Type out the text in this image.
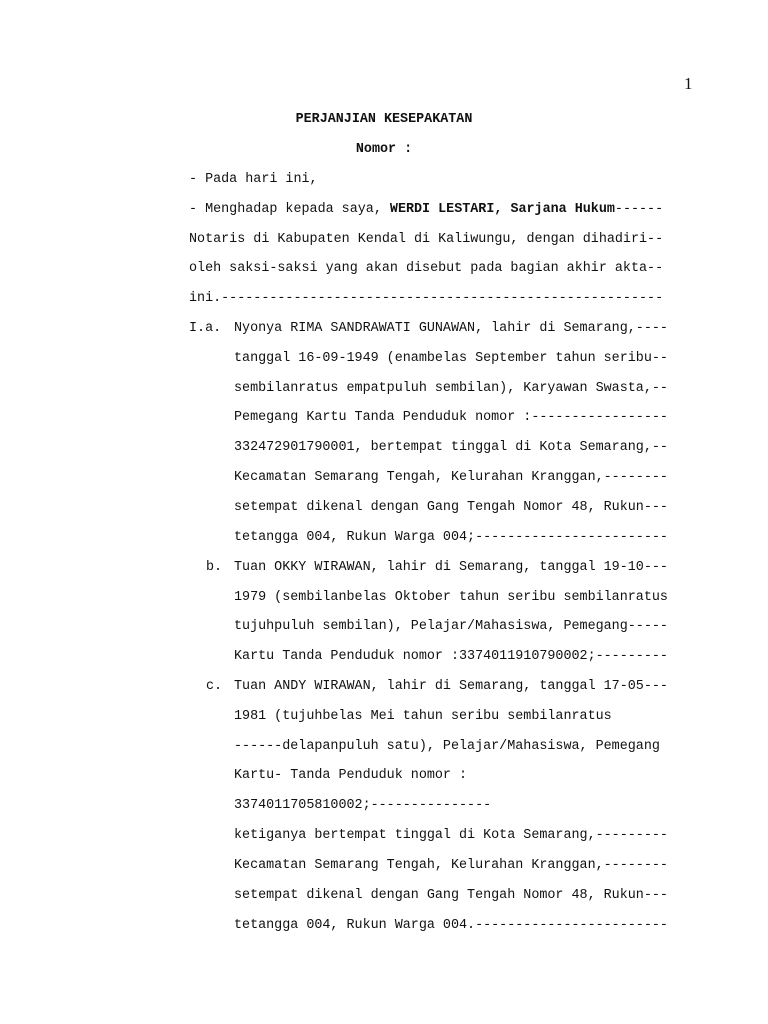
1
PERJANJIAN KESEPAKATAN
Nomor :
- Pada hari ini,
- Menghadap kepada saya, WERDI LESTARI, Sarjana Hukum------
Notaris di Kabupaten Kendal di Kaliwungu, dengan dihadiri--
oleh saksi-saksi yang akan disebut pada bagian akhir akta--
ini.-------------------------------------------------------
I.a. Nyonya RIMA SANDRAWATI GUNAWAN, lahir di Semarang,----
tanggal 16-09-1949 (enambelas September tahun seribu--
sembilanratus empatpuluh sembilan), Karyawan Swasta,--
Pemegang Kartu Tanda Penduduk nomor :-----------------
332472901790001, bertempat tinggal di Kota Semarang,--
Kecamatan Semarang Tengah, Kelurahan Kranggan,--------
setempat dikenal dengan Gang Tengah Nomor 48, Rukun---
tetangga 004, Rukun Warga 004;------------------------
b. Tuan OKKY WIRAWAN, lahir di Semarang, tanggal 19-10---
1979 (sembilanbelas Oktober tahun seribu sembilanratus
tujuhpuluh sembilan), Pelajar/Mahasiswa, Pemegang-----
Kartu Tanda Penduduk nomor :3374011910790002;---------
c. Tuan ANDY WIRAWAN, lahir di Semarang, tanggal 17-05---
1981 (tujuhbelas Mei tahun seribu sembilanratus
------delapanpuluh satu), Pelajar/Mahasiswa, Pemegang
Kartu- Tanda Penduduk nomor :
3374011705810002;---------------
ketiganya bertempat tinggal di Kota Semarang,---------
Kecamatan Semarang Tengah, Kelurahan Kranggan,--------
setempat dikenal dengan Gang Tengah Nomor 48, Rukun---
tetangga 004, Rukun Warga 004.------------------------
